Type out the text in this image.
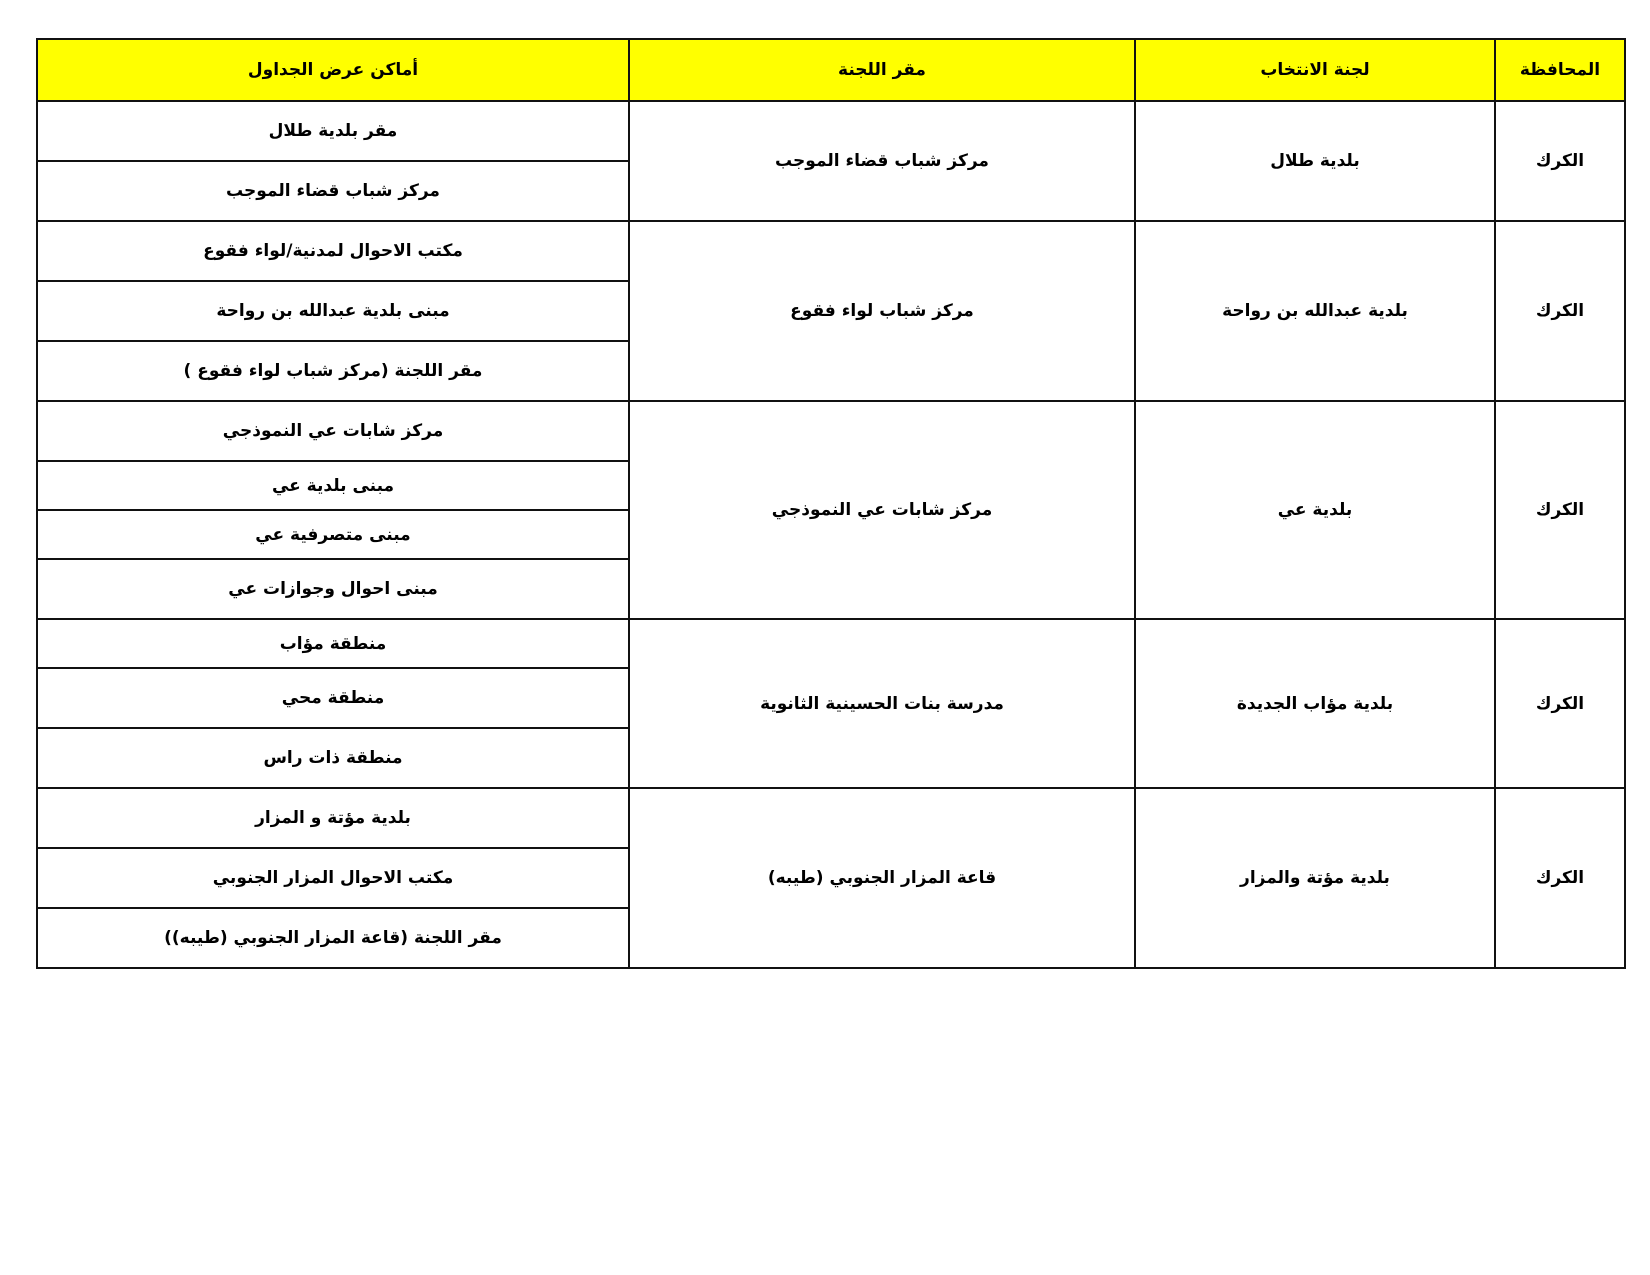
المحافظة	لجنة الانتخاب	مقر اللجنة	أماكن عرض الجداول
الكرك	بلدية طلال	مركز شباب قضاء الموجب	مقر بلدية طلال
			مركز شباب قضاء الموجب
الكرك	بلدية عبدالله بن رواحة	مركز شباب لواء فقوع	مكتب الاحوال لمدنية/لواء فقوع
			مبنى بلدية عبدالله بن رواحة
			مقر اللجنة (مركز شباب لواء فقوع )
الكرك	بلدية عي	مركز شابات عي النموذجي	مركز شابات عي النموذجي
			مبنى بلدية عي
			مبنى متصرفية عي
			مبنى احوال وجوازات عي
الكرك	بلدية مؤاب الجديدة	مدرسة بنات الحسينية الثانوية	منطقة مؤاب
			منطقة محي
			منطقة ذات راس
الكرك	بلدية مؤتة والمزار	قاعة المزار الجنوبي (طيبه)	بلدية مؤتة و المزار
			مكتب الاحوال المزار الجنوبي
			مقر اللجنة (قاعة المزار الجنوبي (طيبه))
